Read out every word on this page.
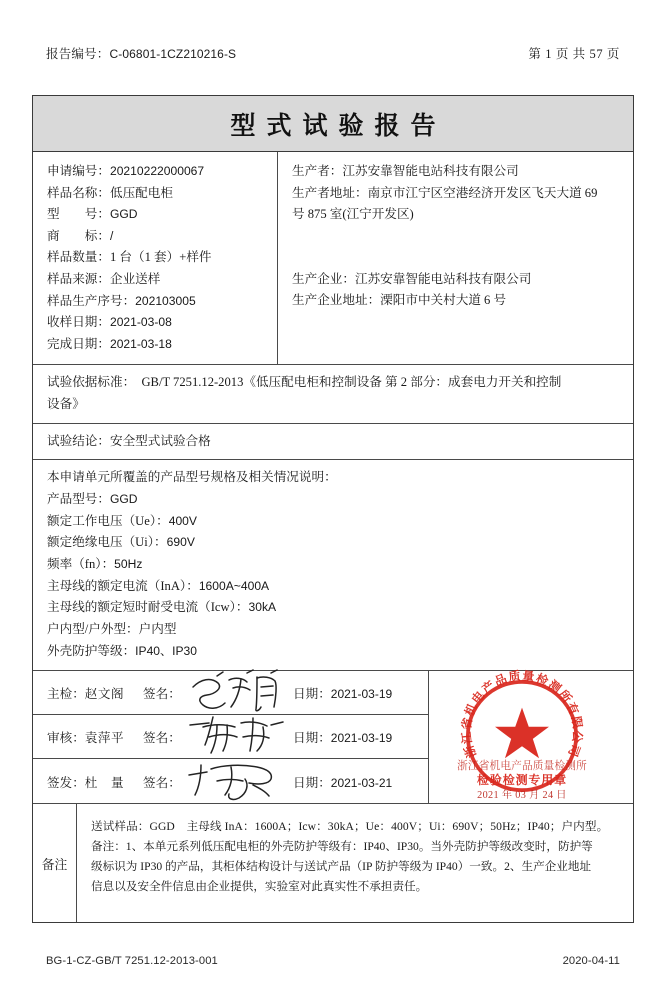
报告编号：C-06801-1CZ210216-S	第 1 页 共 57 页
型式试验报告
申请编号：20210222000067
样品名称：低压配电柜
型　　号：GGD
商　　标：/
样品数量：1 台（1 套）+样件
样品来源：企业送样
样品生产序号：202103005
收样日期：2021-03-08
完成日期：2021-03-18
生产者：江苏安靠智能电站科技有限公司
生产者地址：南京市江宁区空港经济开发区飞天大道 69
号 875 室(江宁开发区)
生产企业：江苏安靠智能电站科技有限公司
生产企业地址：溧阳市中关村大道 6 号
试验依据标准：　 GB/T 7251.12-2013《低压配电柜和控制设备 第 2 部分：成套电力开关和控制
设备》
试验结论：安全型式试验合格
本申请单元所覆盖的产品型号规格及相关情况说明：
产品型号：GGD
额定工作电压（Ue）：400V
额定绝缘电压（Ui）：690V
频率（fn）：50Hz
主母线的额定电流（InA）：1600A~400A
主母线的额定短时耐受电流（Icw）：30kA
户内型/户外型：户内型
外壳防护等级：IP40、IP30
主检：赵文阁	签名：	日期：2021-03-19
审核：袁萍平	签名：	日期：2021-03-19
签发：杜　量	签名：	日期：2021-03-21
浙江省机电产品质量检测所有限公司
浙江省机电产品质量检测所
检验检测专用章
2021 年 03 月 24 日
备注
送试样品：GGD　主母线 InA：1600A；Icw：30kA；Ue：400V；Ui：690V；50Hz；IP40；户内型。
备注：1、本单元系列低压配电柜的外壳防护等级有：IP40、IP30。当外壳防护等级改变时，防护等
级标识为 IP30 的产品，其柜体结构设计与送试产品（IP 防护等级为 IP40）一致。2、生产企业地址
信息以及安全件信息由企业提供，实验室对此真实性不承担责任。
BG-1-CZ-GB/T 7251.12-2013-001	2020-04-11
